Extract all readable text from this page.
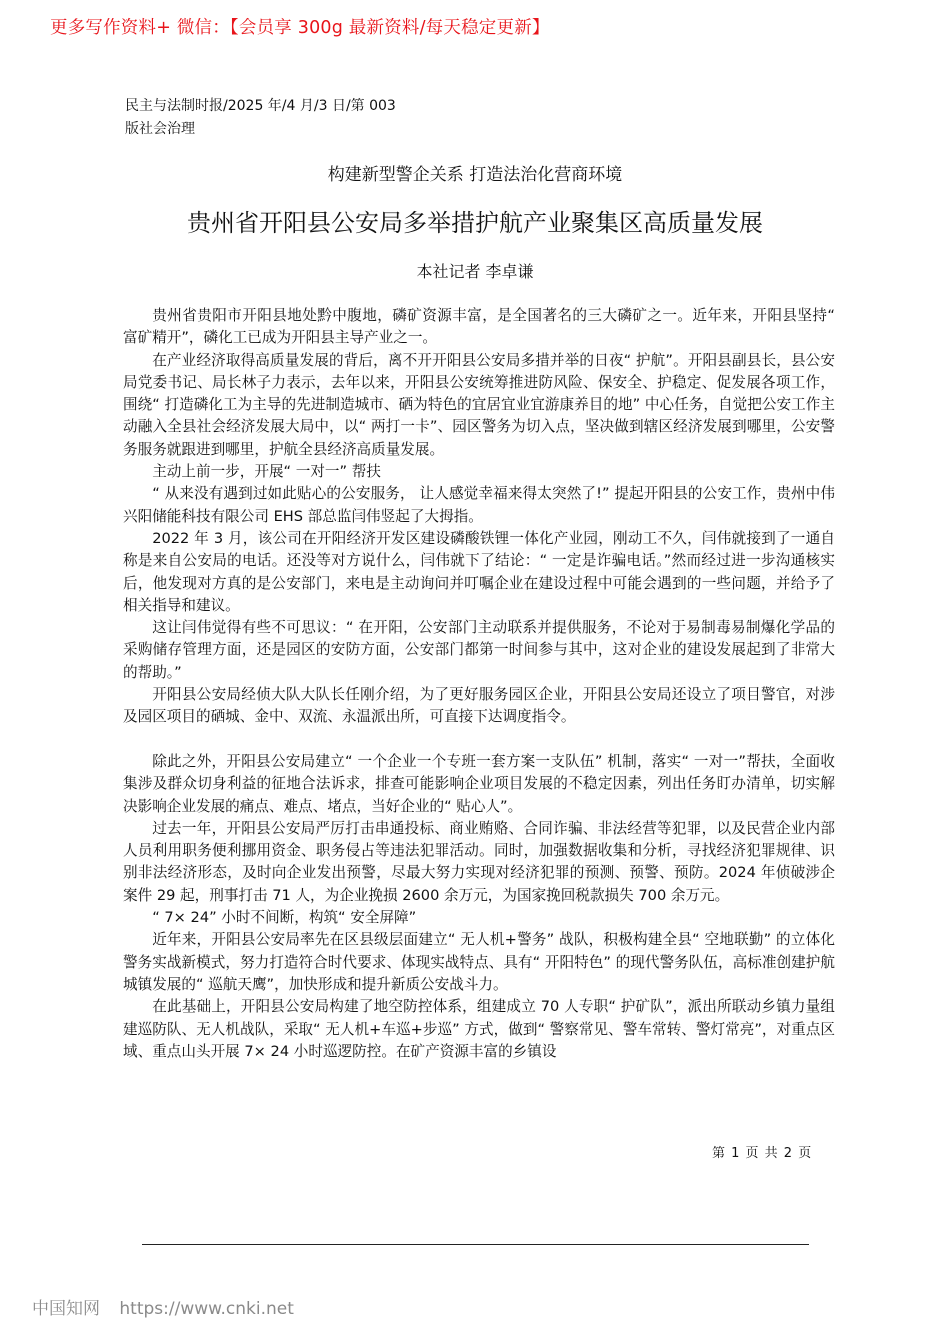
更多写作资料+ 微信：【会员享 300g 最新资料/每天稳定更新】
民主与法制时报/2025 年/4 月/3 日/第 003
版社会治理
构建新型警企关系 打造法治化营商环境
贵州省开阳县公安局多举措护航产业聚集区高质量发展
本社记者 李卓谦

贵州省贵阳市开阳县地处黔中腹地，磷矿资源丰富，是全国著名的三大磷矿之一。近年来，开阳县坚持“ 富矿精开”，磷化工已成为开阳县主导产业之一。

在产业经济取得高质量发展的背后，离不开开阳县公安局多措并举的日夜“ 护航”。开阳县副县长，县公安局党委书记、局长林子力表示，去年以来，开阳县公安统筹推进防风险、保安全、护稳定、促发展各项工作，围绕“ 打造磷化工为主导的先进制造城市、硒为特色的宜居宜业宜游康养目的地” 中心任务，自觉把公安工作主动融入全县社会经济发展大局中，以“ 两打一卡”、园区警务为切入点，坚决做到辖区经济发展到哪里，公安警务服务就跟进到哪里，护航全县经济高质量发展。

主动上前一步，开展“ 一对一” 帮扶

“ 从来没有遇到过如此贴心的公安服务， 让人感觉幸福来得太突然了!” 提起开阳县的公安工作，贵州中伟兴阳储能科技有限公司 EHS 部总监闫伟竖起了大拇指。

2022 年 3 月，该公司在开阳经济开发区建设磷酸铁锂一体化产业园，刚动工不久，闫伟就接到了一通自称是来自公安局的电话。还没等对方说什么，闫伟就下了结论：“ 一定是诈骗电话。”然而经过进一步沟通核实后，他发现对方真的是公安部门，来电是主动询问并叮嘱企业在建设过程中可能会遇到的一些问题，并给予了相关指导和建议。

这让闫伟觉得有些不可思议：“ 在开阳，公安部门主动联系并提供服务，不论对于易制毒易制爆化学品的采购储存管理方面，还是园区的安防方面，公安部门都第一时间参与其中，这对企业的建设发展起到了非常大的帮助。”

开阳县公安局经侦大队大队长任刚介绍，为了更好服务园区企业，开阳县公安局还设立了项目警官，对涉及园区项目的硒城、金中、双流、永温派出所，可直接下达调度指令。

除此之外，开阳县公安局建立“ 一个企业一个专班一套方案一支队伍” 机制，落实“ 一对一”帮扶，全面收集涉及群众切身利益的征地合法诉求，排查可能影响企业项目发展的不稳定因素，列出任务盯办清单，切实解决影响企业发展的痛点、难点、堵点，当好企业的“ 贴心人”。

过去一年，开阳县公安局严厉打击串通投标、商业贿赂、合同诈骗、非法经营等犯罪，以及民营企业内部人员利用职务便利挪用资金、职务侵占等违法犯罪活动。同时，加强数据收集和分析，寻找经济犯罪规律、识别非法经济形态，及时向企业发出预警，尽最大努力实现对经济犯罪的预测、预警、预防。2024 年侦破涉企案件 29 起，刑事打击 71 人，为企业挽损 2600 余万元，为国家挽回税款损失 700 余万元。

“ 7× 24” 小时不间断，构筑“ 安全屏障”

近年来，开阳县公安局率先在区县级层面建立“ 无人机+警务” 战队，积极构建全县“ 空地联勤” 的立体化警务实战新模式，努力打造符合时代要求、体现实战特点、具有“ 开阳特色” 的现代警务队伍，高标准创建护航城镇发展的“ 巡航天鹰”，加快形成和提升新质公安战斗力。

在此基础上，开阳县公安局构建了地空防控体系，组建成立 70 人专职“ 护矿队”，派出所联动乡镇力量组建巡防队、无人机战队，采取“ 无人机+车巡+步巡” 方式，做到“ 警察常见、警车常转、警灯常亮”，对重点区域、重点山头开展 7× 24 小时巡逻防控。在矿产资源丰富的乡镇设

第 1 页 共 2 页
中国知网 https://www.cnki.net
